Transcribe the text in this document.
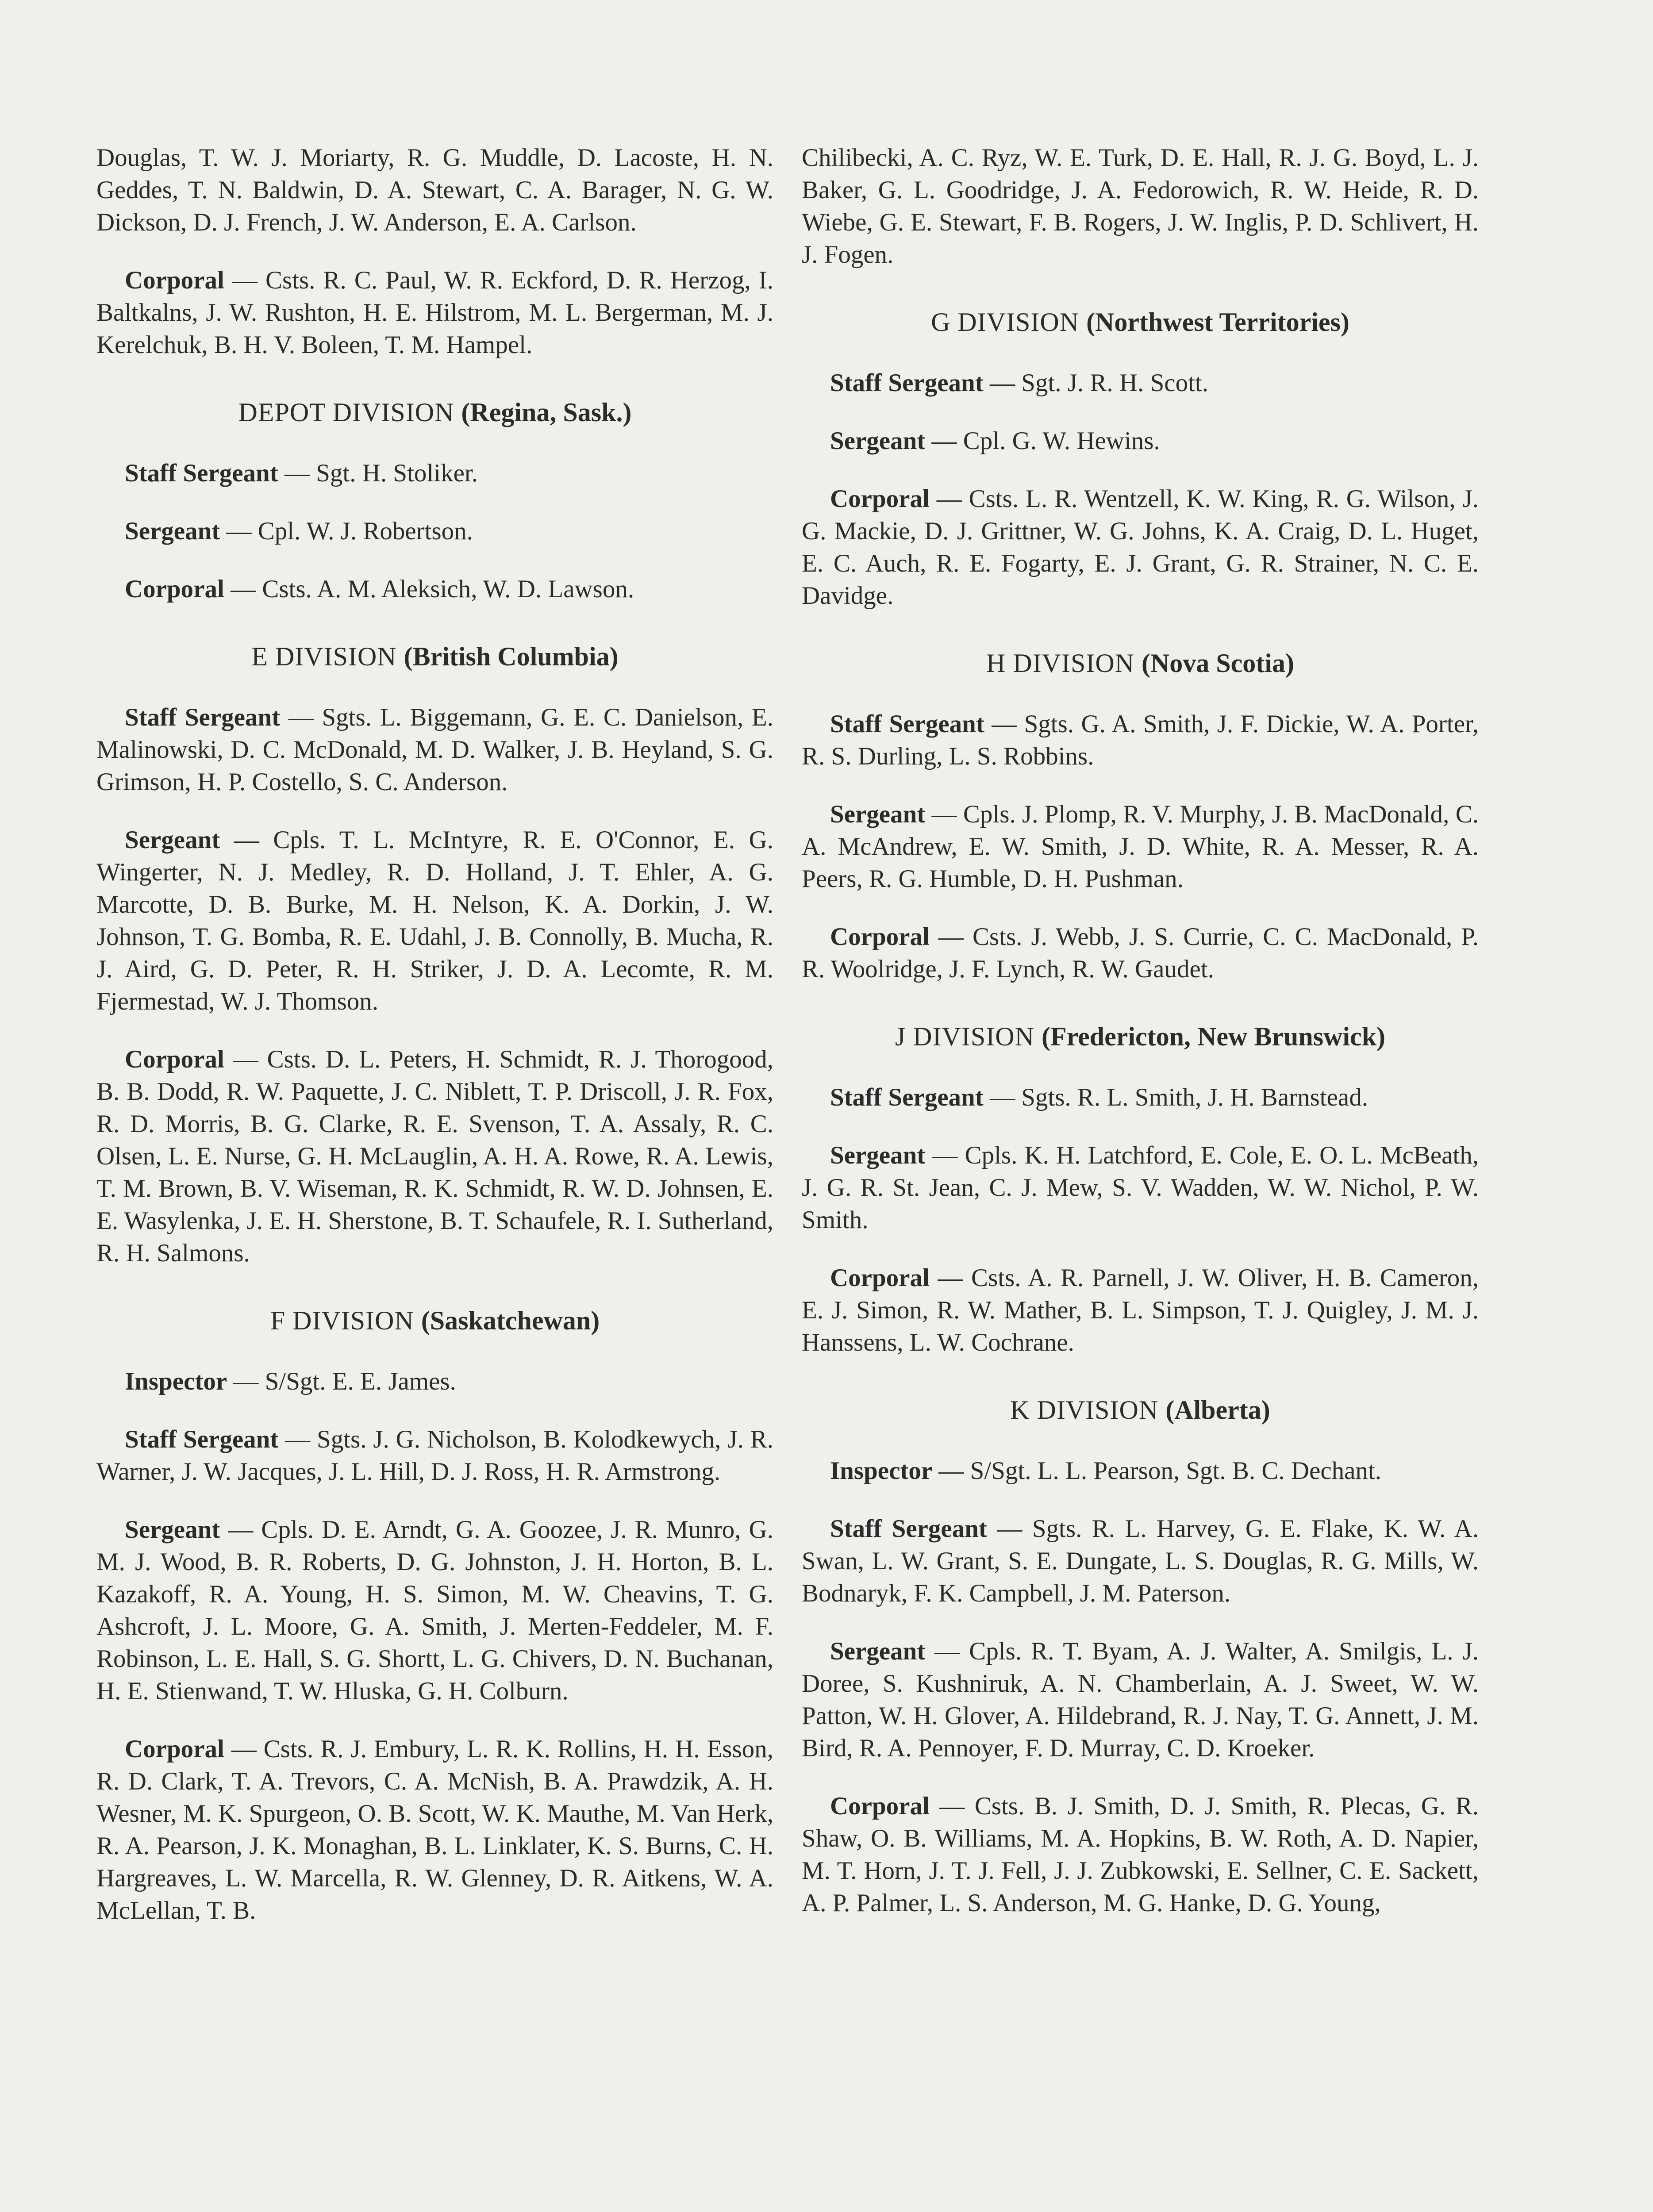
Douglas, T. W. J. Moriarty, R. G. Muddle, D. Lacoste, H. N. Geddes, T. N. Baldwin, D. A. Stewart, C. A. Barager, N. G. W. Dickson, D. J. French, J. W. Anderson, E. A. Carlson.

Corporal — Csts. R. C. Paul, W. R. Eckford, D. R. Herzog, I. Baltkalns, J. W. Rushton, H. E. Hilstrom, M. L. Bergerman, M. J. Kerelchuk, B. H. V. Boleen, T. M. Hampel.

DEPOT DIVISION (Regina, Sask.)

Staff Sergeant — Sgt. H. Stoliker.

Sergeant — Cpl. W. J. Robertson.

Corporal — Csts. A. M. Aleksich, W. D. Lawson.

E DIVISION (British Columbia)

Staff Sergeant — Sgts. L. Biggemann, G. E. C. Danielson, E. Malinowski, D. C. McDonald, M. D. Walker, J. B. Heyland, S. G. Grimson, H. P. Costello, S. C. Anderson.

Sergeant — Cpls. T. L. McIntyre, R. E. O'Connor, E. G. Wingerter, N. J. Medley, R. D. Holland, J. T. Ehler, A. G. Marcotte, D. B. Burke, M. H. Nelson, K. A. Dorkin, J. W. Johnson, T. G. Bomba, R. E. Udahl, J. B. Connolly, B. Mucha, R. J. Aird, G. D. Peter, R. H. Striker, J. D. A. Lecomte, R. M. Fjermestad, W. J. Thomson.

Corporal — Csts. D. L. Peters, H. Schmidt, R. J. Thorogood, B. B. Dodd, R. W. Paquette, J. C. Niblett, T. P. Driscoll, J. R. Fox, R. D. Morris, B. G. Clarke, R. E. Svenson, T. A. Assaly, R. C. Olsen, L. E. Nurse, G. H. McLauglin, A. H. A. Rowe, R. A. Lewis, T. M. Brown, B. V. Wiseman, R. K. Schmidt, R. W. D. Johnsen, E. E. Wasylenka, J. E. H. Sherstone, B. T. Schaufele, R. I. Sutherland, R. H. Salmons.

F DIVISION (Saskatchewan)

Inspector — S/Sgt. E. E. James.

Staff Sergeant — Sgts. J. G. Nicholson, B. Kolodkewych, J. R. Warner, J. W. Jacques, J. L. Hill, D. J. Ross, H. R. Armstrong.

Sergeant — Cpls. D. E. Arndt, G. A. Goozee, J. R. Munro, G. M. J. Wood, B. R. Roberts, D. G. Johnston, J. H. Horton, B. L. Kazakoff, R. A. Young, H. S. Simon, M. W. Cheavins, T. G. Ashcroft, J. L. Moore, G. A. Smith, J. Merten-Feddeler, M. F. Robinson, L. E. Hall, S. G. Shortt, L. G. Chivers, D. N. Buchanan, H. E. Stienwand, T. W. Hluska, G. H. Colburn.

Corporal — Csts. R. J. Embury, L. R. K. Rollins, H. H. Esson, R. D. Clark, T. A. Trevors, C. A. McNish, B. A. Prawdzik, A. H. Wesner, M. K. Spurgeon, O. B. Scott, W. K. Mauthe, M. Van Herk, R. A. Pearson, J. K. Monaghan, B. L. Linklater, K. S. Burns, C. H. Hargreaves, L. W. Marcella, R. W. Glenney, D. R. Aitkens, W. A. McLellan, T. B.

Chilibecki, A. C. Ryz, W. E. Turk, D. E. Hall, R. J. G. Boyd, L. J. Baker, G. L. Goodridge, J. A. Fedorowich, R. W. Heide, R. D. Wiebe, G. E. Stewart, F. B. Rogers, J. W. Inglis, P. D. Schlivert, H. J. Fogen.

G DIVISION (Northwest Territories)

Staff Sergeant — Sgt. J. R. H. Scott.

Sergeant — Cpl. G. W. Hewins.

Corporal — Csts. L. R. Wentzell, K. W. King, R. G. Wilson, J. G. Mackie, D. J. Grittner, W. G. Johns, K. A. Craig, D. L. Huget, E. C. Auch, R. E. Fogarty, E. J. Grant, G. R. Strainer, N. C. E. Davidge.

H DIVISION (Nova Scotia)

Staff Sergeant — Sgts. G. A. Smith, J. F. Dickie, W. A. Porter, R. S. Durling, L. S. Robbins.

Sergeant — Cpls. J. Plomp, R. V. Murphy, J. B. MacDonald, C. A. McAndrew, E. W. Smith, J. D. White, R. A. Messer, R. A. Peers, R. G. Humble, D. H. Pushman.

Corporal — Csts. J. Webb, J. S. Currie, C. C. MacDonald, P. R. Woolridge, J. F. Lynch, R. W. Gaudet.

J DIVISION (Fredericton, New Brunswick)

Staff Sergeant — Sgts. R. L. Smith, J. H. Barnstead.

Sergeant — Cpls. K. H. Latchford, E. Cole, E. O. L. McBeath, J. G. R. St. Jean, C. J. Mew, S. V. Wadden, W. W. Nichol, P. W. Smith.

Corporal — Csts. A. R. Parnell, J. W. Oliver, H. B. Cameron, E. J. Simon, R. W. Mather, B. L. Simpson, T. J. Quigley, J. M. J. Hanssens, L. W. Cochrane.

K DIVISION (Alberta)

Inspector — S/Sgt. L. L. Pearson, Sgt. B. C. Dechant.

Staff Sergeant — Sgts. R. L. Harvey, G. E. Flake, K. W. A. Swan, L. W. Grant, S. E. Dungate, L. S. Douglas, R. G. Mills, W. Bodnaryk, F. K. Campbell, J. M. Paterson.

Sergeant — Cpls. R. T. Byam, A. J. Walter, A. Smilgis, L. J. Doree, S. Kushniruk, A. N. Chamberlain, A. J. Sweet, W. W. Patton, W. H. Glover, A. Hildebrand, R. J. Nay, T. G. Annett, J. M. Bird, R. A. Pennoyer, F. D. Murray, C. D. Kroeker.

Corporal — Csts. B. J. Smith, D. J. Smith, R. Plecas, G. R. Shaw, O. B. Williams, M. A. Hopkins, B. W. Roth, A. D. Napier, M. T. Horn, J. T. J. Fell, J. J. Zubkowski, E. Sellner, C. E. Sackett, A. P. Palmer, L. S. Anderson, M. G. Hanke, D. G. Young,
